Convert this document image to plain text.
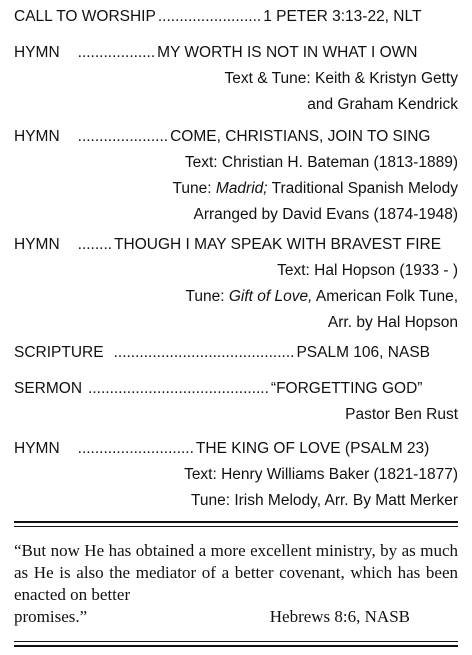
CALL TO WORSHIP ........................ 1 PETER 3:13-22, NLT
HYMN .................. MY WORTH IS NOT IN WHAT I OWN
Text & Tune: Keith & Kristyn Getty
and Graham Kendrick
HYMN ..................... COME, CHRISTIANS, JOIN TO SING
Text: Christian H. Bateman (1813-1889)
Tune: Madrid; Traditional Spanish Melody
Arranged by David Evans (1874-1948)
HYMN ........ THOUGH I MAY SPEAK WITH BRAVEST FIRE
Text: Hal Hopson (1933 - )
Tune: Gift of Love, American Folk Tune,
Arr. by Hal Hopson
SCRIPTURE .......................................... PSALM 106, NASB
SERMON .......................................... “FORGETTING GOD”
Pastor Ben Rust
HYMN ........................... THE KING OF LOVE (PSALM 23)
Text: Henry Williams Baker (1821-1877)
Tune: Irish Melody, Arr. By Matt Merker
“But now He has obtained a more excellent ministry, by as much as He is also the mediator of a better covenant, which has been enacted on better
promises.”	Hebrews 8:6, NASB
